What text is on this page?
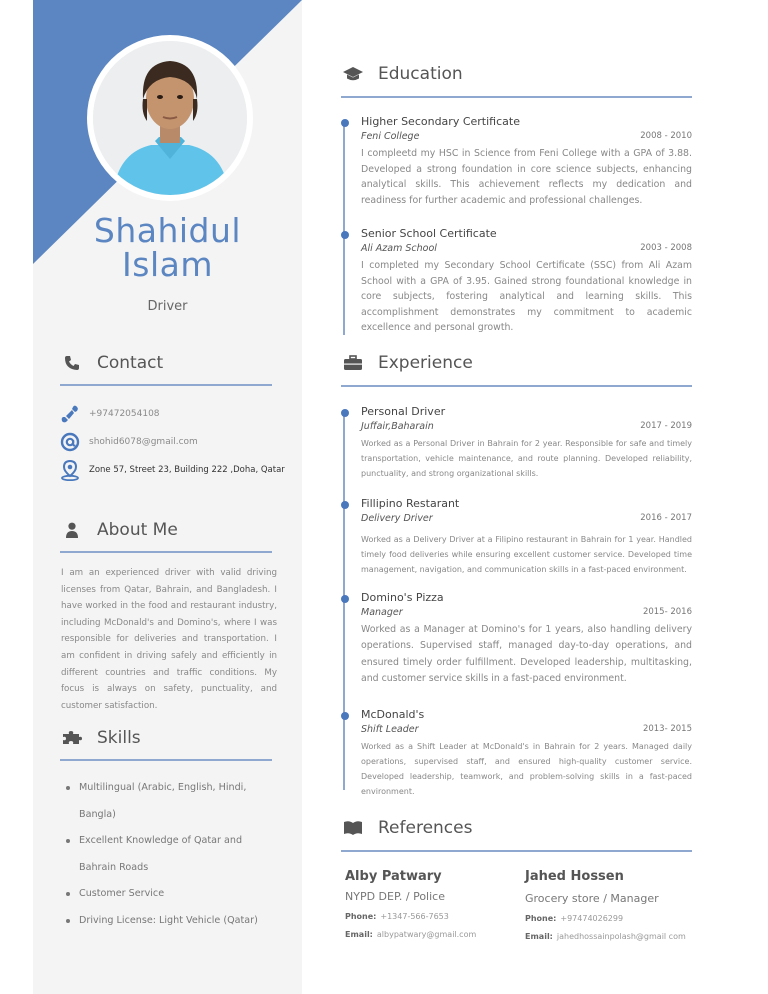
Shahidul
Islam
Driver
Contact
+97472054108
shohid6078@gmail.com
Zone 57, Street 23, Building 222 ,Doha, Qatar
About Me

I am an experienced driver with valid driving licenses from Qatar, Bahrain, and Bangladesh. I have worked in the food and restaurant industry, including McDonald's and Domino's, where I was responsible for deliveries and transportation. I am confident in driving safely and efficiently in different countries and traffic conditions. My focus is always on safety, punctuality, and customer satisfaction.

Skills
Multilingual (Arabic, English, Hindi, Bangla)
Excellent Knowledge of Qatar and Bahrain Roads
Customer Service
Driving License: Light Vehicle (Qatar)
Education
Higher Secondary Certificate
Feni College	2008 - 2010

I compleetd my HSC in Science from Feni College with a GPA of 3.88. Developed a strong foundation in core science subjects, enhancing analytical skills. This achievement reflects my dedication and readiness for further academic and professional challenges.

Senior School Certificate
Ali Azam School	2003 - 2008

I completed my Secondary School Certificate (SSC) from Ali Azam School with a GPA of 3.95. Gained strong foundational knowledge in core subjects, fostering analytical and learning skills. This accomplishment demonstrates my commitment to academic excellence and personal growth.

Experience
Personal Driver
Juffair,Baharain	2017 - 2019

Worked as a Personal Driver in Bahrain for 2 year. Responsible for safe and timely transportation, vehicle maintenance, and route planning. Developed reliability, punctuality, and strong organizational skills.

Fillipino Restarant
Delivery Driver	2016 - 2017

Worked as a Delivery Driver at a Filipino restaurant in Bahrain for 1 year. Handled timely food deliveries while ensuring excellent customer service. Developed time management, navigation, and communication skills in a fast-paced environment.

Domino's Pizza
Manager	2015- 2016

Worked as a Manager at Domino's for 1 years, also handling delivery operations. Supervised staff, managed day-to-day operations, and ensured timely order fulfillment. Developed leadership, multitasking, and customer service skills in a fast-paced environment.

McDonald's
Shift Leader	2013- 2015

Worked as a Shift Leader at McDonald's in Bahrain for 2 years. Managed daily operations, supervised staff, and ensured high-quality customer service. Developed leadership, teamwork, and problem-solving skills in a fast-paced environment.

References
Alby Patwary
NYPD DEP. / Police
Phone: +1347-566-7653
Email: albypatwary@gmail.com
Jahed Hossen
Grocery store / Manager
Phone: +97474026299
Email: jahedhossainpolash@gmail com
